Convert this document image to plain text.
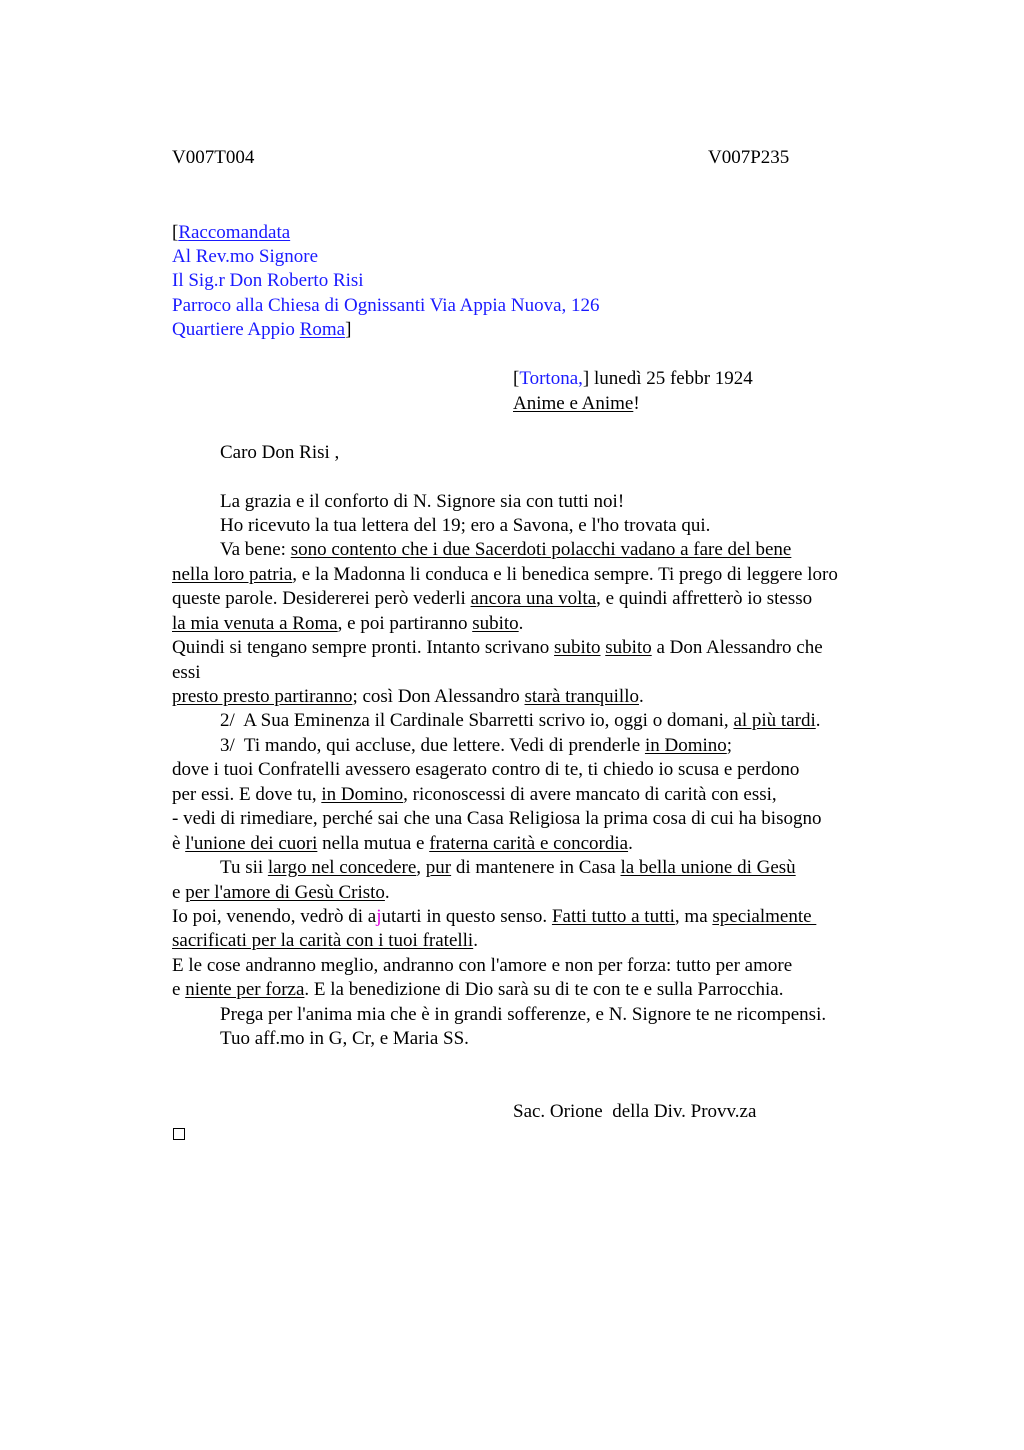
V007T004	V007P235
[Raccomandata
Al Rev.mo Signore
Il Sig.r Don Roberto Risi
Parroco alla Chiesa di Ognissanti Via Appia Nuova, 126
Quartiere Appio Roma]
[Tortona,] lunedì 25 febbr 1924
Anime e Anime!
Caro Don Risi ,
La grazia e il conforto di N. Signore sia con tutti noi!
Ho ricevuto la tua lettera del 19; ero a Savona, e l'ho trovata qui.
Va bene: sono contento che i due Sacerdoti polacchi vadano a fare del bene
nella loro patria, e la Madonna li conduca e li benedica sempre. Ti prego di leggere loro
queste parole. Desidererei però vederli ancora una volta, e quindi affretterò io stesso
la mia venuta a Roma, e poi partiranno subito.
Quindi si tengano sempre pronti. Intanto scrivano subito subito a Don Alessandro che
essi
presto presto partiranno; così Don Alessandro starà tranquillo.
2/  A Sua Eminenza il Cardinale Sbarretti scrivo io, oggi o domani, al più tardi.
3/  Ti mando, qui accluse, due lettere. Vedi di prenderle in Domino;
dove i tuoi Confratelli avessero esagerato contro di te, ti chiedo io scusa e perdono
per essi. E dove tu, in Domino, riconoscessi di avere mancato di carità con essi,
- vedi di rimediare, perché sai che una Casa Religiosa la prima cosa di cui ha bisogno
è l'unione dei cuori nella mutua e fraterna carità e concordia.
Tu sii largo nel concedere, pur di mantenere in Casa la bella unione di Gesù
e per l'amore di Gesù Cristo.
Io poi, venendo, vedrò di ajutarti in questo senso. Fatti tutto a tutti, ma specialmente
sacrificati per la carità con i tuoi fratelli.
E le cose andranno meglio, andranno con l'amore e non per forza: tutto per amore
e niente per forza. E la benedizione di Dio sarà su di te con te e sulla Parrocchia.
Prega per l'anima mia che è in grandi sofferenze, e N. Signore te ne ricompensi.
Tuo aff.mo in G, Cr, e Maria SS.
Sac. Orione  della Div. Provv.za
